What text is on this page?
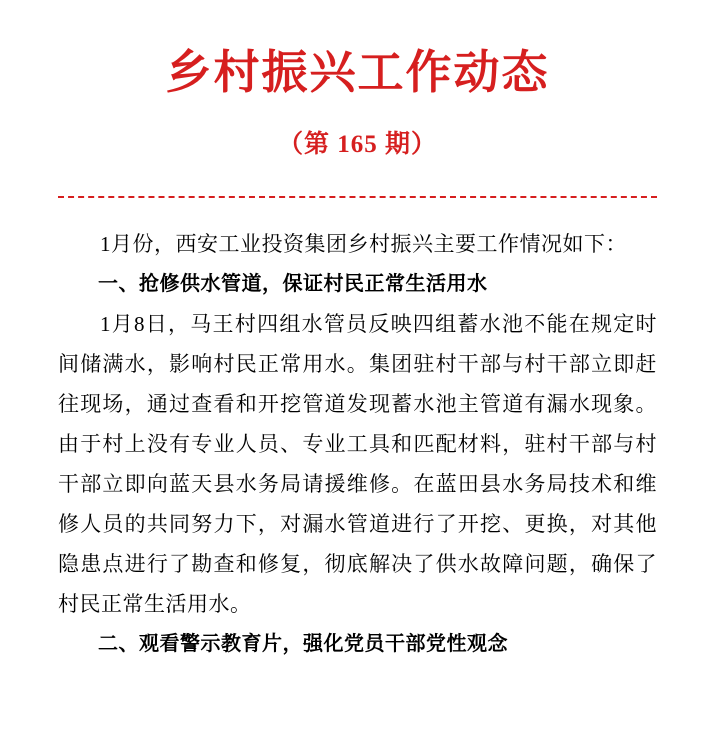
乡村振兴工作动态
（第 165 期）

1月份，西安工业投资集团乡村振兴主要工作情况如下：

一、抢修供水管道，保证村民正常生活用水

1月8日，马王村四组水管员反映四组蓄水池不能在规定时间储满水，影响村民正常用水。集团驻村干部与村干部立即赶往现场，通过查看和开挖管道发现蓄水池主管道有漏水现象。由于村上没有专业人员、专业工具和匹配材料，驻村干部与村干部立即向蓝天县水务局请援维修。在蓝田县水务局技术和维修人员的共同努力下，对漏水管道进行了开挖、更换，对其他隐患点进行了勘查和修复，彻底解决了供水故障问题，确保了村民正常生活用水。

二、观看警示教育片，强化党员干部党性观念
